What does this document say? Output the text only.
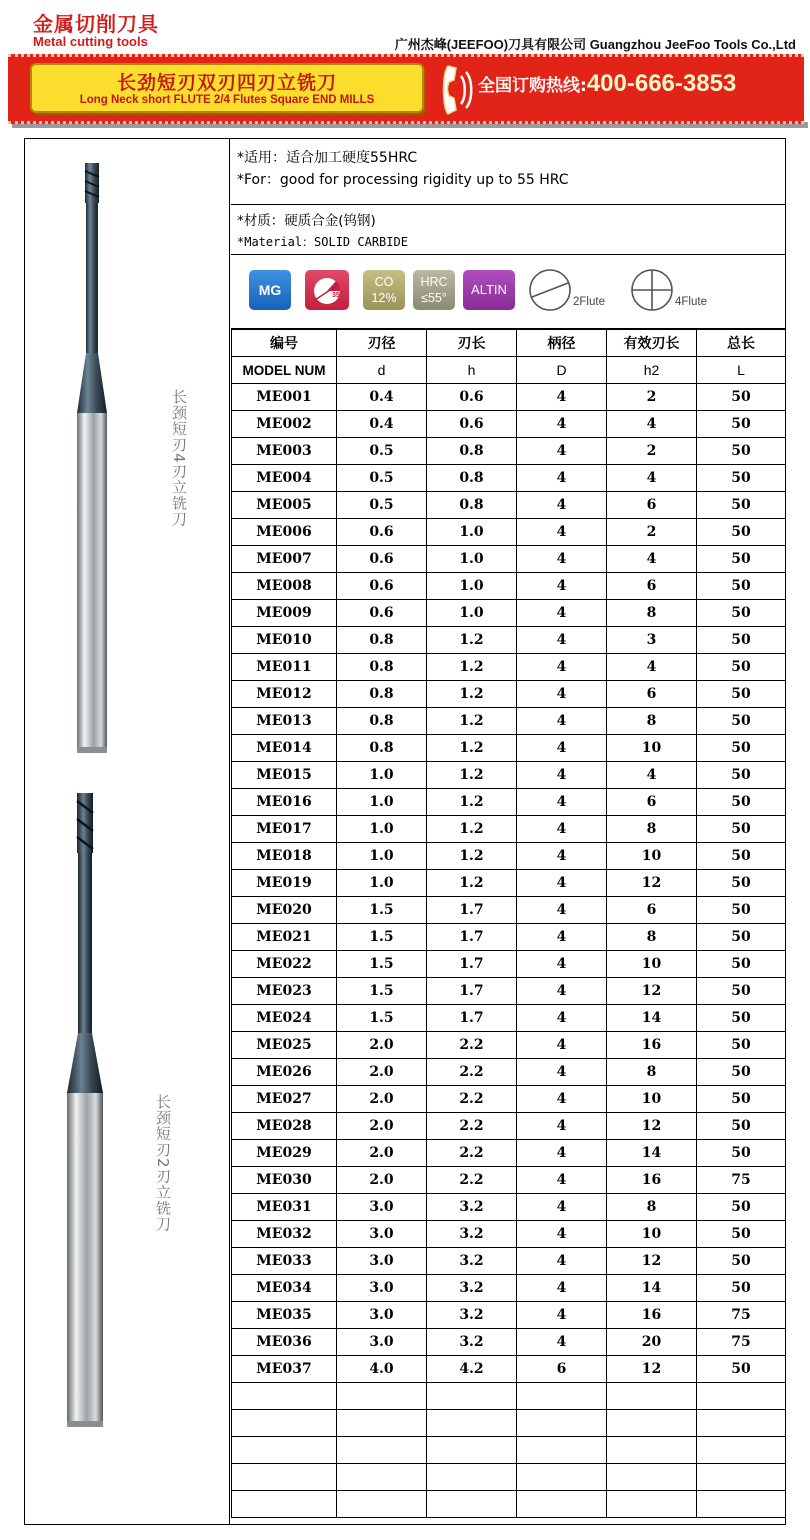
金属切削刀具
Metal cutting tools	广州杰峰(JEEFOO)刀具有限公司 Guangzhou JeeFoo Tools Co.,Ltd
长劲短刃双刃四刃立铣刀
Long Neck short FLUTE 2/4 Flutes Square END MILLS
全国订购热线:400-666-3853
长颈短刃4刃立铣刀
长颈短刃2刃立铣刀
*适用：适合加工硬度55HRC
*For：good for processing rigidity up to 55 HRC
*材质：硬质合金(钨钢)
*Material：SOLID CARBIDE
MG	35°
CO
12%
HRC
≤55°
ALTIN
2Flute	4Flute
编号	刃径	刃长	柄径	有效刃长	总长
MODEL NUM	d	h	D	h2	L
ME001	0.4	0.6	4	2	50
ME002	0.4	0.6	4	4	50
ME003	0.5	0.8	4	2	50
ME004	0.5	0.8	4	4	50
ME005	0.5	0.8	4	6	50
ME006	0.6	1.0	4	2	50
ME007	0.6	1.0	4	4	50
ME008	0.6	1.0	4	6	50
ME009	0.6	1.0	4	8	50
ME010	0.8	1.2	4	3	50
ME011	0.8	1.2	4	4	50
ME012	0.8	1.2	4	6	50
ME013	0.8	1.2	4	8	50
ME014	0.8	1.2	4	10	50
ME015	1.0	1.2	4	4	50
ME016	1.0	1.2	4	6	50
ME017	1.0	1.2	4	8	50
ME018	1.0	1.2	4	10	50
ME019	1.0	1.2	4	12	50
ME020	1.5	1.7	4	6	50
ME021	1.5	1.7	4	8	50
ME022	1.5	1.7	4	10	50
ME023	1.5	1.7	4	12	50
ME024	1.5	1.7	4	14	50
ME025	2.0	2.2	4	16	50
ME026	2.0	2.2	4	8	50
ME027	2.0	2.2	4	10	50
ME028	2.0	2.2	4	12	50
ME029	2.0	2.2	4	14	50
ME030	2.0	2.2	4	16	75
ME031	3.0	3.2	4	8	50
ME032	3.0	3.2	4	10	50
ME033	3.0	3.2	4	12	50
ME034	3.0	3.2	4	14	50
ME035	3.0	3.2	4	16	75
ME036	3.0	3.2	4	20	75
ME037	4.0	4.2	6	12	50
